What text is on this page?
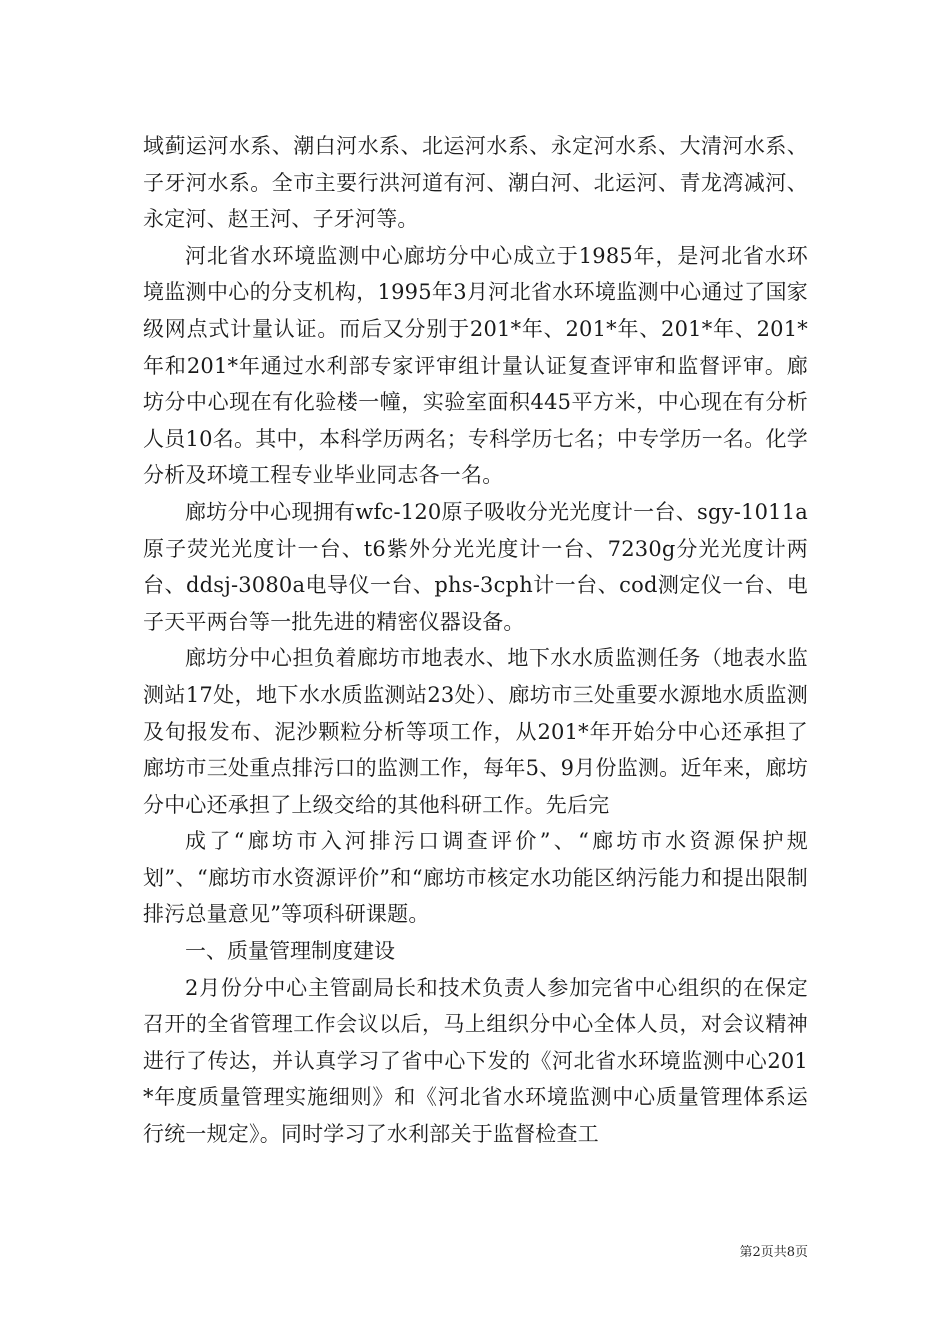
域蓟运河水系、潮白河水系、北运河水系、永定河水系、大清河水系、子牙河水系。全市主要行洪河道有河、潮白河、北运河、青龙湾减河、永定河、赵王河、子牙河等。

河北省水环境监测中心廊坊分中心成立于1985年，是河北省水环境监测中心的分支机构，1995年3月河北省水环境监测中心通过了国家级网点式计量认证。而后又分别于201*年、201*年、201*年、201*年和201*年通过水利部专家评审组计量认证复查评审和监督评审。廊坊分中心现在有化验楼一幢，实验室面积445平方米，中心现在有分析人员10名。其中，本科学历两名；专科学历七名；中专学历一名。化学分析及环境工程专业毕业同志各一名。

廊坊分中心现拥有wfc-120原子吸收分光光度计一台、sgy-1011a原子荧光光度计一台、t6紫外分光光度计一台、7230g分光光度计两台、ddsj-3080a电导仪一台、phs-3cph计一台、cod测定仪一台、电子天平两台等一批先进的精密仪器设备。

廊坊分中心担负着廊坊市地表水、地下水水质监测任务（地表水监测站17处，地下水水质监测站23处）、廊坊市三处重要水源地水质监测及旬报发布、泥沙颗粒分析等项工作，从201*年开始分中心还承担了廊坊市三处重点排污口的监测工作，每年5、9月份监测。近年来，廊坊分中心还承担了上级交给的其他科研工作。先后完

成了“廊坊市入河排污口调查评价”、“廊坊市水资源保护规划”、“廊坊市水资源评价”和“廊坊市核定水功能区纳污能力和提出限制排污总量意见”等项科研课题。

一、质量管理制度建设

2月份分中心主管副局长和技术负责人参加完省中心组织的在保定召开的全省管理工作会议以后，马上组织分中心全体人员，对会议精神进行了传达，并认真学习了省中心下发的《河北省水环境监测中心201*年度质量管理实施细则》和《河北省水环境监测中心质量管理体系运行统一规定》。同时学习了水利部关于监督检查工

第2页共8页
